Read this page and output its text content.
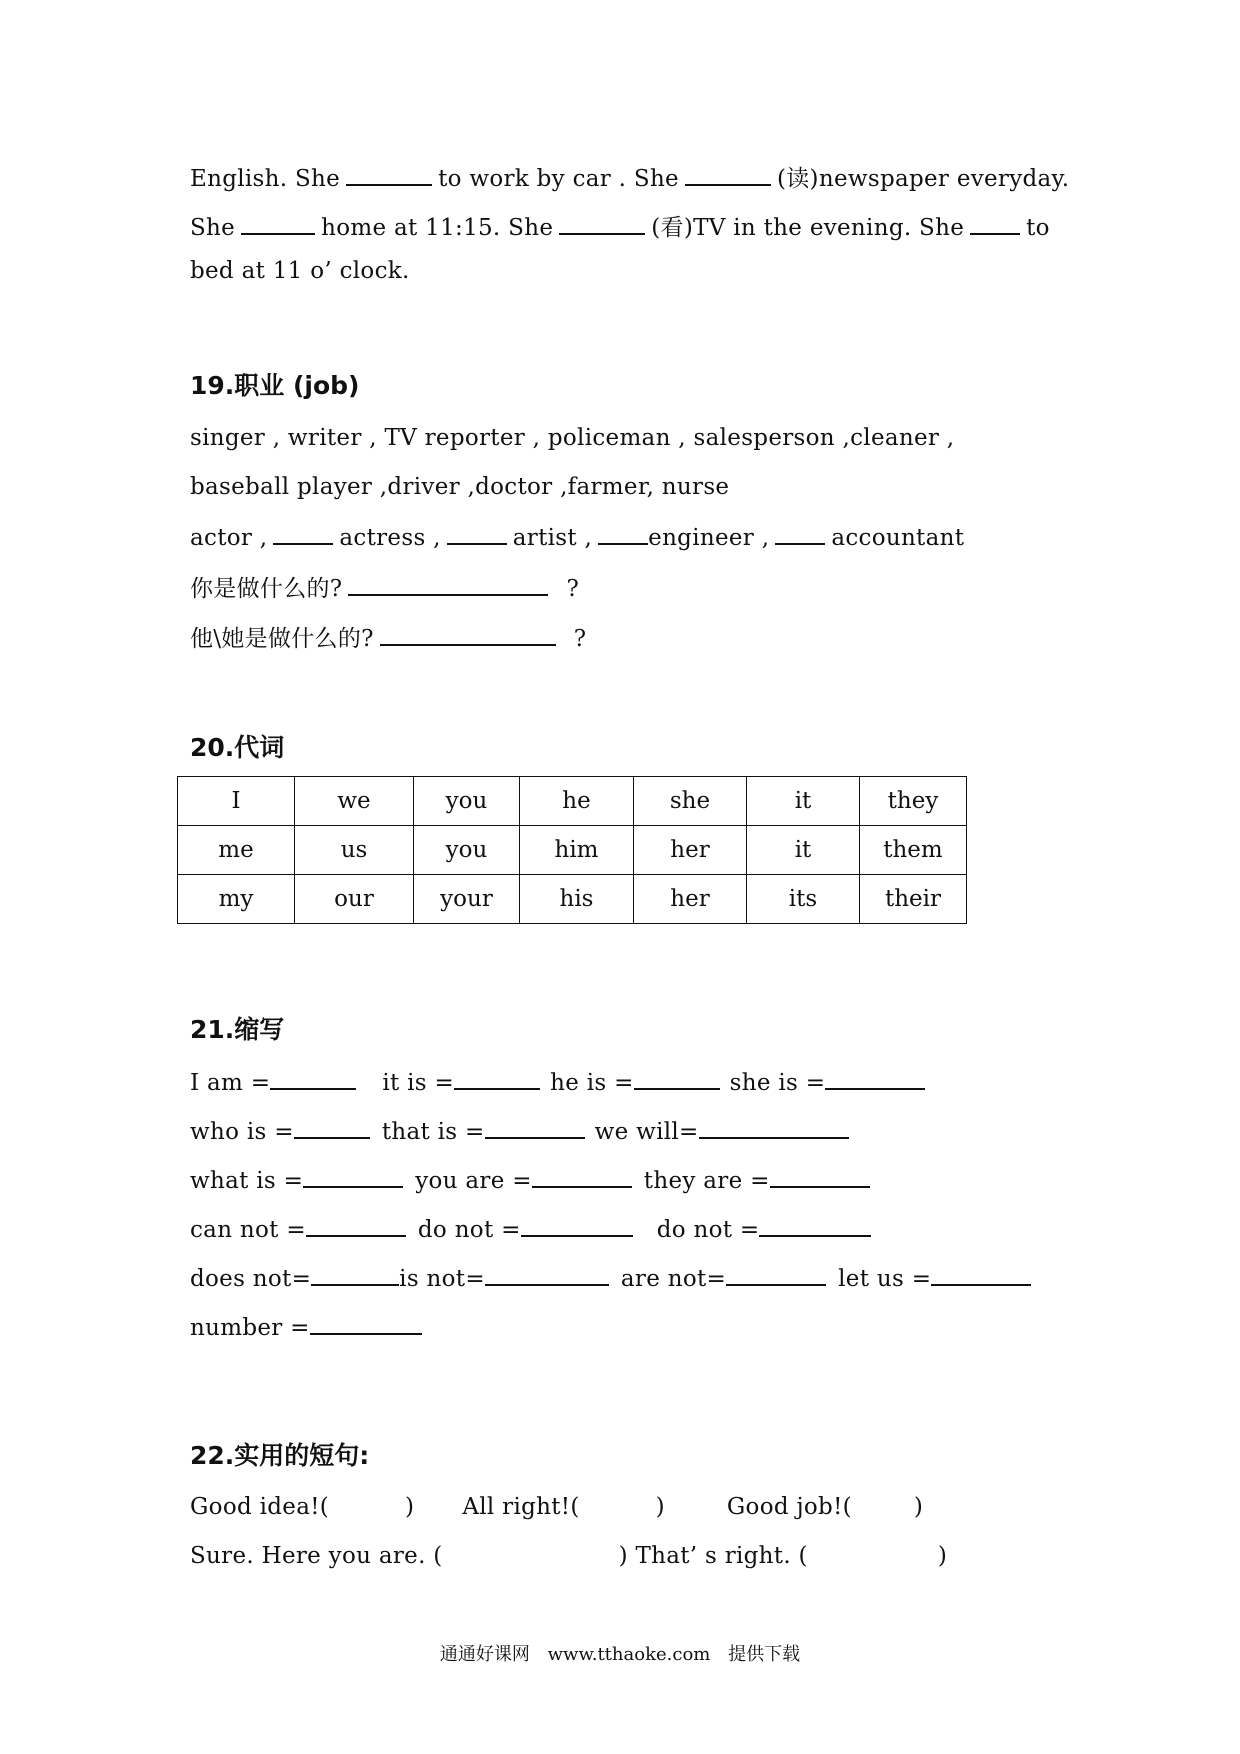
English. She	to work by car . She	(读)newspaper everyday.
She	home at 11:15. She	(看)TV in the evening. She	to
bed at 11 o’ clock.
19.职业 (job)
singer , writer , TV reporter , policeman , salesperson ,cleaner ,
baseball player ,driver ,doctor ,farmer, nurse
actor ,	actress ,	artist , engineer ,	accountant
你是做什么的?	?
他\她是做什么的?	?
20.代词
I	we	you	he	she	it	they
me	us	you	him	her	it	them
my	our	your	his	her	its	their
21.缩写
I am =	it is =	he is =	she is =
who is =	that is =	we will=
what is =	you are =	they are =
can not =	do not =	do not =
does not=	is not=	are not=	let us =
number =
22.实用的短句:
Good idea!(	) All right!(	)	Good job!(	)
Sure. Here you are. (	) That’ s right. (	)
通通好课网 www.tthaoke.com 提供下载
